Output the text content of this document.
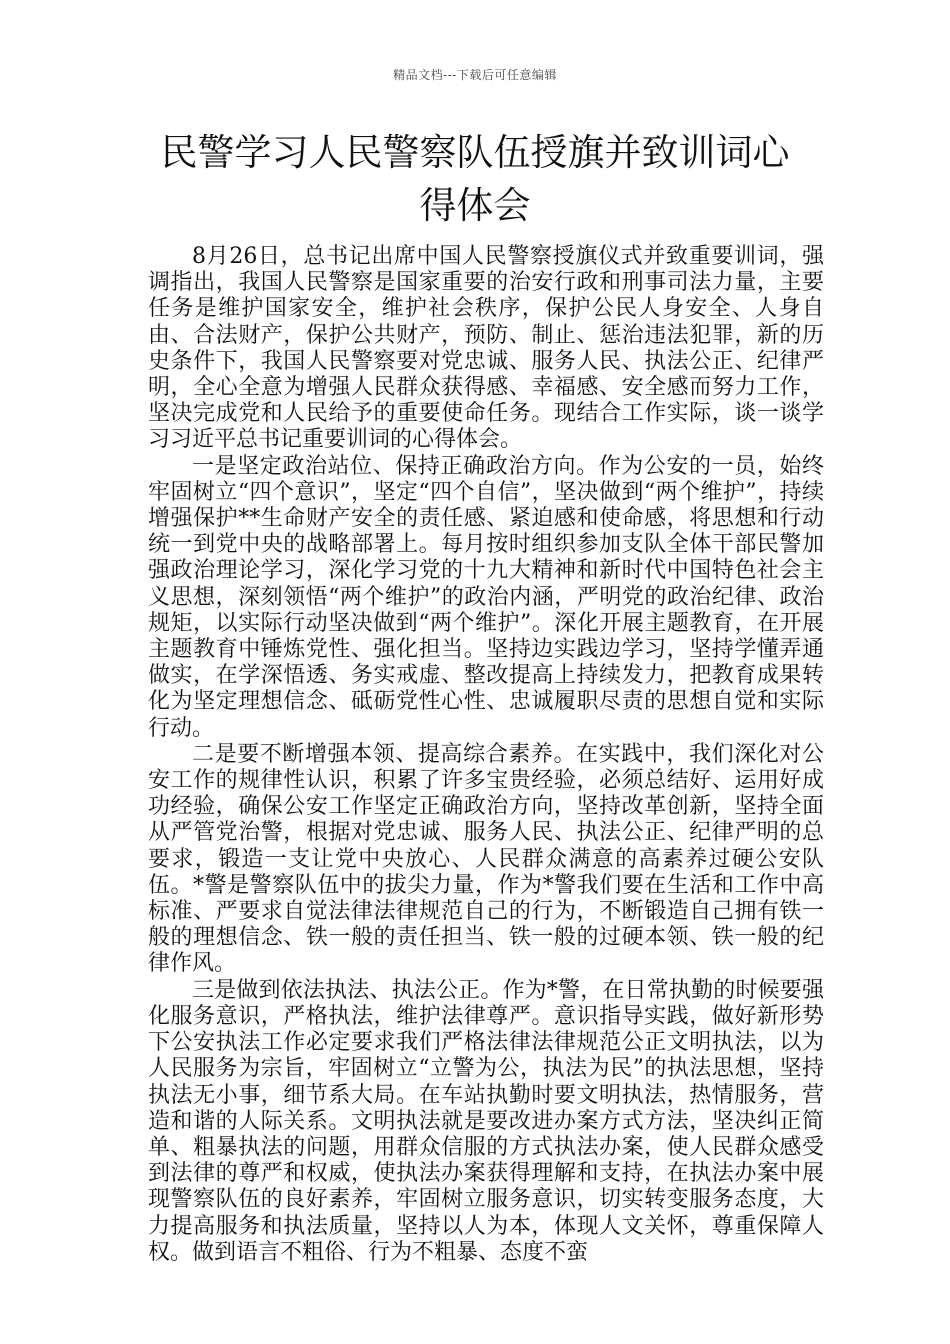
精品文档---下载后可任意编辑
民警学习人民警察队伍授旗并致训词心得体会

8月26日，总书记出席中国人民警察授旗仪式并致重要训词，强调指出，我国人民警察是国家重要的治安行政和刑事司法力量，主要任务是维护国家安全，维护社会秩序，保护公民人身安全、人身自由、合法财产，保护公共财产，预防、制止、惩治违法犯罪，新的历史条件下，我国人民警察要对党忠诚、服务人民、执法公正、纪律严明，全心全意为增强人民群众获得感、幸福感、安全感而努力工作，坚决完成党和人民给予的重要使命任务。现结合工作实际，谈一谈学习习近平总书记重要训词的心得体会。

一是坚定政治站位、保持正确政治方向。作为公安的一员，始终牢固树立“四个意识”，坚定“四个自信”，坚决做到“两个维护”，持续增强保护**生命财产安全的责任感、紧迫感和使命感，将思想和行动统一到党中央的战略部署上。每月按时组织参加支队全体干部民警加强政治理论学习，深化学习党的十九大精神和新时代中国特色社会主义思想，深刻领悟“两个维护”的政治内涵，严明党的政治纪律、政治规矩，以实际行动坚决做到“两个维护”。深化开展主题教育，在开展主题教育中锤炼党性、强化担当。坚持边实践边学习，坚持学懂弄通做实，在学深悟透、务实戒虚、整改提高上持续发力，把教育成果转化为坚定理想信念、砥砺党性心性、忠诚履职尽责的思想自觉和实际行动。

二是要不断增强本领、提高综合素养。在实践中，我们深化对公安工作的规律性认识，积累了许多宝贵经验，必须总结好、运用好成功经验，确保公安工作坚定正确政治方向，坚持改革创新，坚持全面从严管党治警，根据对党忠诚、服务人民、执法公正、纪律严明的总要求，锻造一支让党中央放心、人民群众满意的高素养过硬公安队伍。*警是警察队伍中的拔尖力量，作为*警我们要在生活和工作中高标准、严要求自觉法律法律规范自己的行为，不断锻造自己拥有铁一般的理想信念、铁一般的责任担当、铁一般的过硬本领、铁一般的纪律作风。

三是做到依法执法、执法公正。作为*警，在日常执勤的时候要强化服务意识，严格执法，维护法律尊严。意识指导实践，做好新形势下公安执法工作必定要求我们严格法律法律规范公正文明执法，以为人民服务为宗旨，牢固树立“立警为公，执法为民”的执法思想，坚持执法无小事，细节系大局。在车站执勤时要文明执法，热情服务，营造和谐的人际关系。文明执法就是要改进办案方式方法，坚决纠正简单、粗暴执法的问题，用群众信服的方式执法办案，使人民群众感受到法律的尊严和权威，使执法办案获得理解和支持，在执法办案中展现警察队伍的良好素养，牢固树立服务意识，切实转变服务态度，大力提高服务和执法质量，坚持以人为本，体现人文关怀，尊重保障人权。做到语言不粗俗、行为不粗暴、态度不蛮
